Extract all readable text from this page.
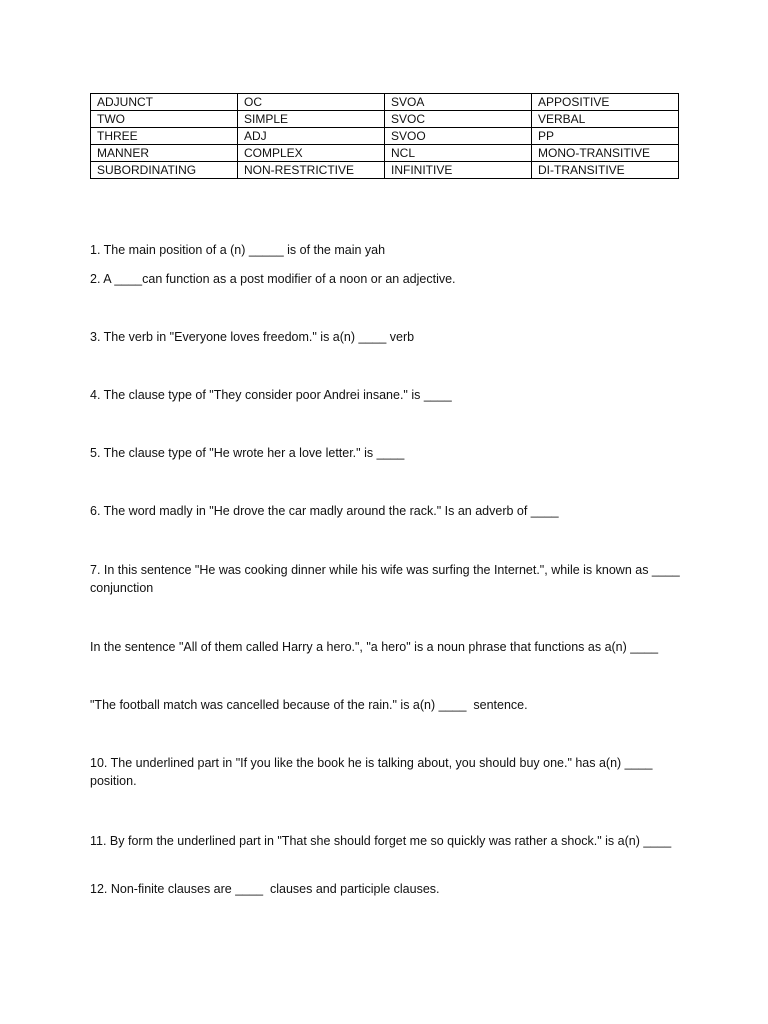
ADJUNCT	OC	SVOA	APPOSITIVE
TWO	SIMPLE	SVOC	VERBAL
THREE	ADJ	SVOO	PP
MANNER	COMPLEX	NCL	MONO-TRANSITIVE
SUBORDINATING	NON-RESTRICTIVE	INFINITIVE	DI-TRANSITIVE
1. The main position of a (n) _____ is of the main yah
2. A ____can function as a post modifier of a noon or an adjective.
3. The verb in "Everyone loves freedom." is a(n) ____ verb
4. The clause type of "They consider poor Andrei insane." is ____
5. The clause type of "He wrote her a love letter." is ____
6. The word madly in "He drove the car madly around the rack." Is an adverb of ____
7. In this sentence "He was cooking dinner while his wife was surfing the Internet.", while is known as ____  conjunction
In the sentence "All of them called Harry a hero.", "a hero" is a noun phrase that functions as a(n) ____
"The football match was cancelled because of the rain." is a(n) ____  sentence.
10. The underlined part in "If you like the book he is talking about, you should buy one." has a(n) ____ position.
11. By form the underlined part in "That she should forget me so quickly was rather a shock." is a(n) ____
12. Non-finite clauses are ____  clauses and participle clauses.
